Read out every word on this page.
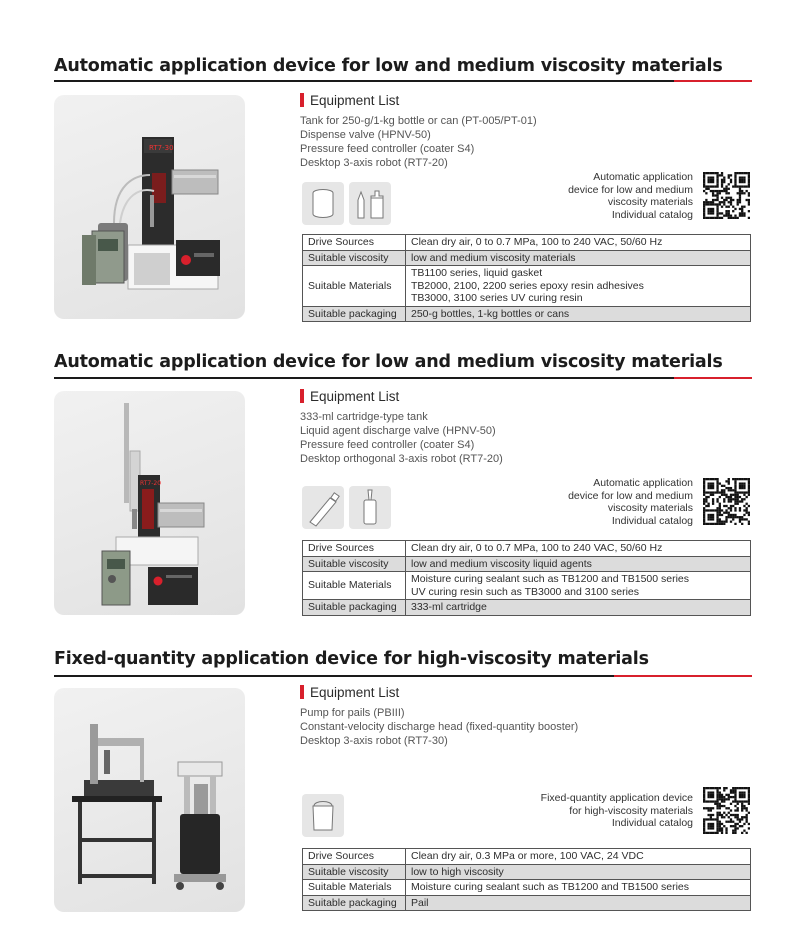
Automatic application device for low and medium viscosity materials
RT7-30
Equipment List
Tank for 250-g/1-kg bottle or can (PT-005/PT-01)
Dispense valve (HPNV-50)
Pressure feed controller (coater S4)
Desktop 3-axis robot (RT7-20)
Automatic application
device for low and medium
viscosity materials
Individual catalog
Drive Sources	Clean dry air, 0 to 0.7 MPa, 100 to 240 VAC, 50/60 Hz
Suitable viscosity	low and medium viscosity materials
Suitable Materials	TB1100 series, liquid gasket
TB2000, 2100, 2200 series epoxy resin adhesives
TB3000, 3100 series UV curing resin

Suitable packaging	250-g bottles, 1-kg bottles or cans
Automatic application device for low and medium viscosity materials
RT7-20
Equipment List
333-ml cartridge-type tank
Liquid agent discharge valve (HPNV-50)
Pressure feed controller (coater S4)
Desktop orthogonal 3-axis robot (RT7-20)
Automatic application
device for low and medium
viscosity materials
Individual catalog
Drive Sources	Clean dry air, 0 to 0.7 MPa, 100 to 240 VAC, 50/60 Hz
Suitable viscosity	low and medium viscosity liquid agents
Suitable Materials	Moisture curing sealant such as TB1200 and TB1500 series
UV curing resin such as TB3000 and 3100 series

Suitable packaging	333-ml cartridge
Fixed-quantity application device for high-viscosity materials
Equipment List
Pump for pails (PBIII)
Constant-velocity discharge head (fixed-quantity booster)
Desktop 3-axis robot (RT7-30)
Fixed-quantity application device
for high-viscosity materials
Individual catalog
Drive Sources	Clean dry air, 0.3 MPa or more, 100 VAC, 24 VDC
Suitable viscosity	low to high viscosity
Suitable Materials	Moisture curing sealant such as TB1200 and TB1500 series
Suitable packaging	Pail
